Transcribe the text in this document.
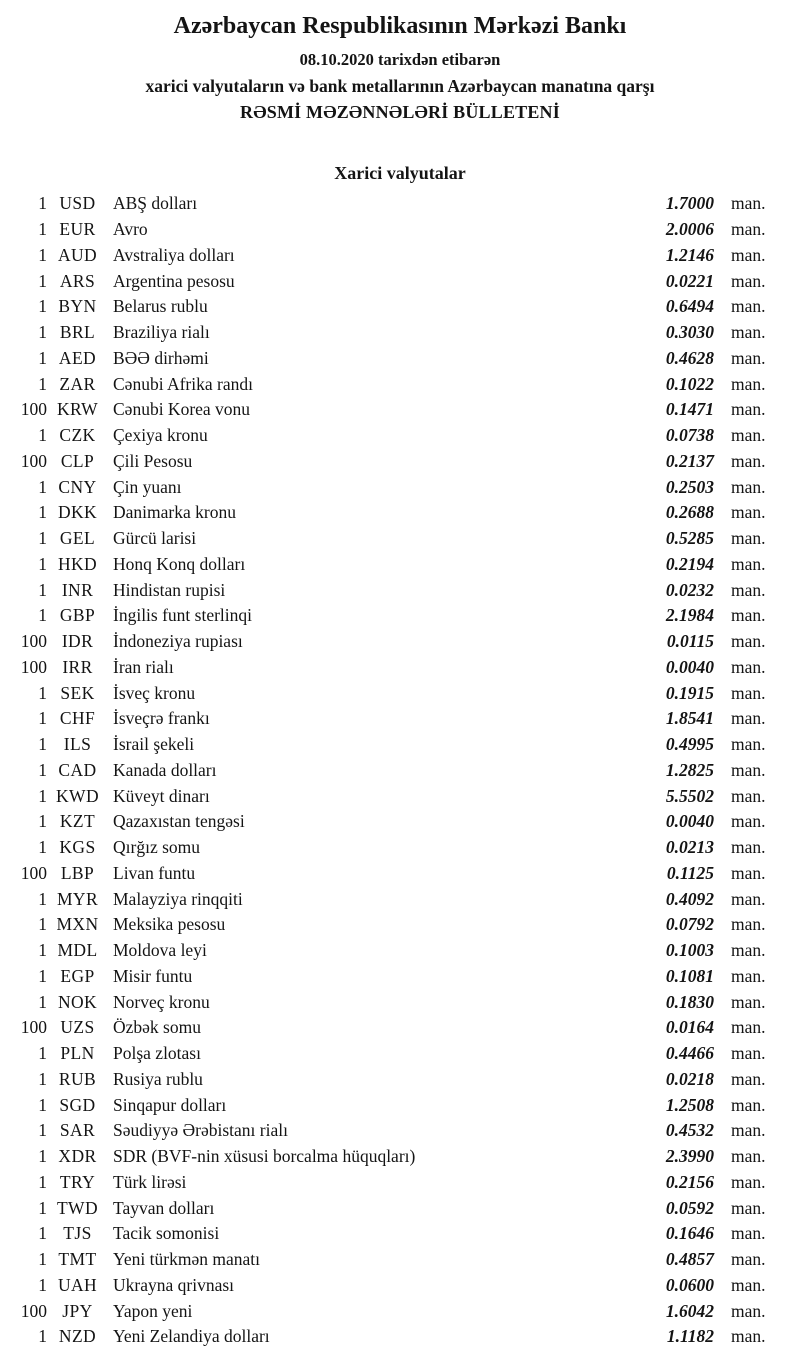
Azərbaycan Respublikasının Mərkəzi Bankı
08.10.2020 tarixdən etibarən
xarici valyutaların və bank metallarının Azərbaycan manatına qarşı
RƏSMİ MƏZƏNNƏLƏRİ BÜLLETENİ
Xarici valyutalar
1 USD ABŞ dolları	1.7000 man.
1 EUR Avro	2.0006 man.
1 AUD Avstraliya dolları	1.2146 man.
1 ARS	Argentina pesosu	0.0221 man.
1 BYN Belarus rublu	0.6494 man.
1 BRL	Braziliya rialı	0.3030 man.
1 AED BƏƏ dirhəmi	0.4628 man.
1 ZAR Cənubi Afrika randı	0.1022 man.
100 KRW Cənubi Korea vonu	0.1471 man.
1 CZK Çexiya kronu	0.0738 man.
100 CLP	Çili Pesosu	0.2137 man.
1 CNY Çin yuanı	0.2503 man.
1 DKK Danimarka kronu	0.2688 man.
1 GEL	Gürcü larisi	0.5285 man.
1 HKD Honq Konq dolları	0.2194 man.
1 INR	Hindistan rupisi	0.0232 man.
1 GBP	İngilis funt sterlinqi	2.1984 man.
100 IDR	İndoneziya rupiası	0.0115 man.
100 IRR	İran rialı	0.0040 man.
1 SEK	İsveç kronu	0.1915 man.
1 CHF	İsveçrə frankı	1.8541 man.
1 ILS	İsrail şekeli	0.4995 man.
1 CAD Kanada dolları	1.2825 man.
1 KWD Küveyt dinarı	5.5502 man.
1 KZT	Qazaxıstan tengəsi	0.0040 man.
1 KGS Qırğız somu	0.0213 man.
100 LBP	Livan funtu	0.1125 man.
1 MYR Malayziya rinqqiti	0.4092 man.
1 MXN Meksika pesosu	0.0792 man.
1 MDL Moldova leyi	0.1003 man.
1 EGP	Misir funtu	0.1081 man.
1 NOK Norveç kronu	0.1830 man.
100 UZS	Özbək somu	0.0164 man.
1 PLN	Polşa zlotası	0.4466 man.
1 RUB Rusiya rublu	0.0218 man.
1 SGD Sinqapur dolları	1.2508 man.
1 SAR	Səudiyyə Ərəbistanı rialı	0.4532 man.
1 XDR SDR (BVF-nin xüsusi borcalma hüquqları)	2.3990 man.
1 TRY	Türk lirəsi	0.2156 man.
1 TWD Tayvan dolları	0.0592 man.
1 TJS	Tacik somonisi	0.1646 man.
1 TMT Yeni türkmən manatı	0.4857 man.
1 UAH Ukrayna qrivnası	0.0600 man.
100 JPY	Yapon yeni	1.6042 man.
1 NZD Yeni Zelandiya dolları	1.1182 man.
